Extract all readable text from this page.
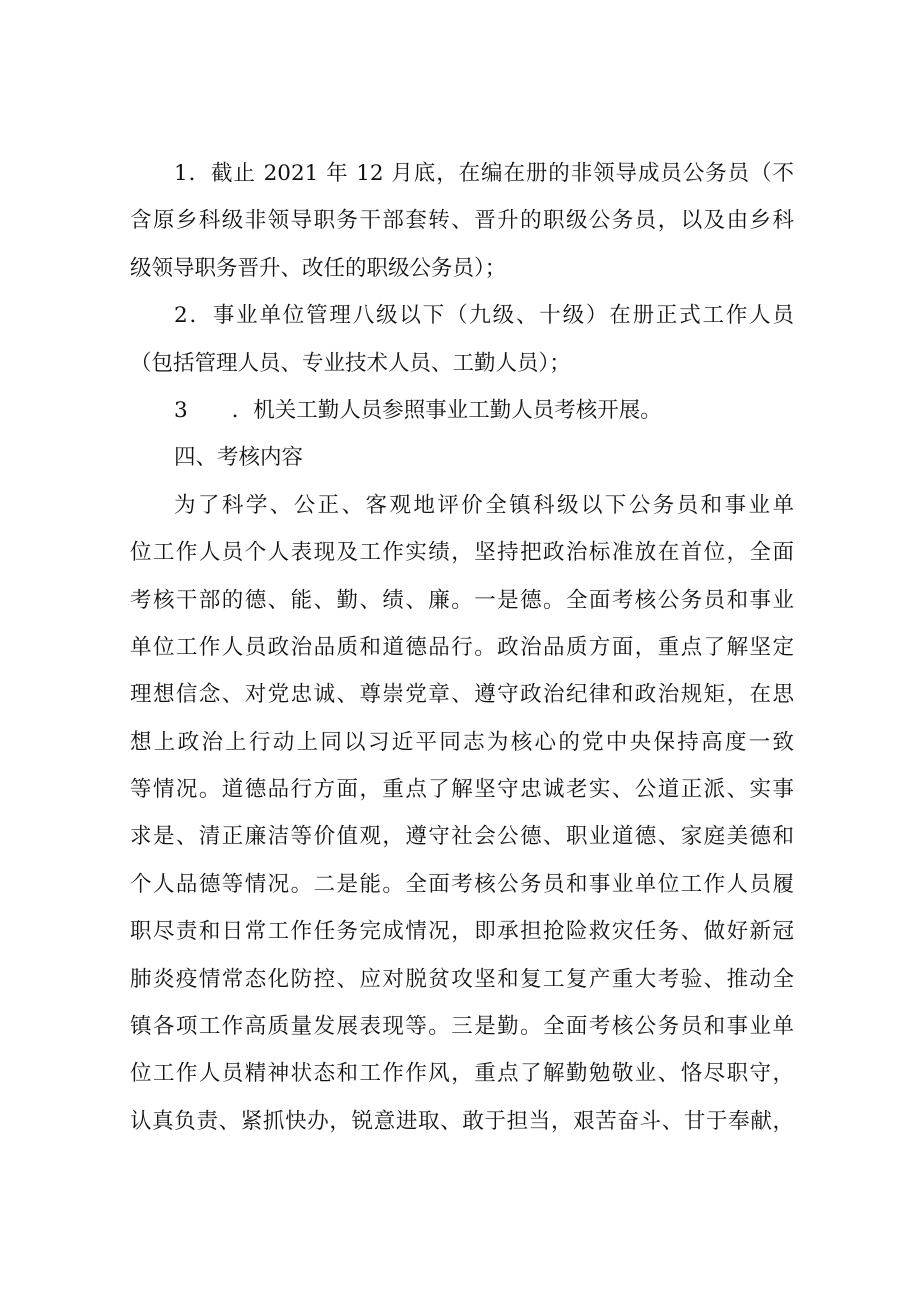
1．截止 2021 年 12 月底，在编在册的非领导成员公务员（不
含原乡科级非领导职务干部套转、晋升的职级公务员，以及由乡科
级领导职务晋升、改任的职级公务员）；
2．事业单位管理八级以下（九级、十级）在册正式工作人员
（包括管理人员、专业技术人员、工勤人员）；
3 ．机关工勤人员参照事业工勤人员考核开展。
四、考核内容
为了科学、公正、客观地评价全镇科级以下公务员和事业单
位工作人员个人表现及工作实绩，坚持把政治标准放在首位，全面
考核干部的德、能、勤、绩、廉。一是德。全面考核公务员和事业
单位工作人员政治品质和道德品行。政治品质方面，重点了解坚定
理想信念、对党忠诚、尊崇党章、遵守政治纪律和政治规矩，在思
想上政治上行动上同以习近平同志为核心的党中央保持高度一致
等情况。道德品行方面，重点了解坚守忠诚老实、公道正派、实事
求是、清正廉洁等价值观，遵守社会公德、职业道德、家庭美德和
个人品德等情况。二是能。全面考核公务员和事业单位工作人员履
职尽责和日常工作任务完成情况，即承担抢险救灾任务、做好新冠
肺炎疫情常态化防控、应对脱贫攻坚和复工复产重大考验、推动全
镇各项工作高质量发展表现等。三是勤。全面考核公务员和事业单
位工作人员精神状态和工作作风，重点了解勤勉敬业、恪尽职守，
认真负责、紧抓快办，锐意进取、敢于担当，艰苦奋斗、甘于奉献，
